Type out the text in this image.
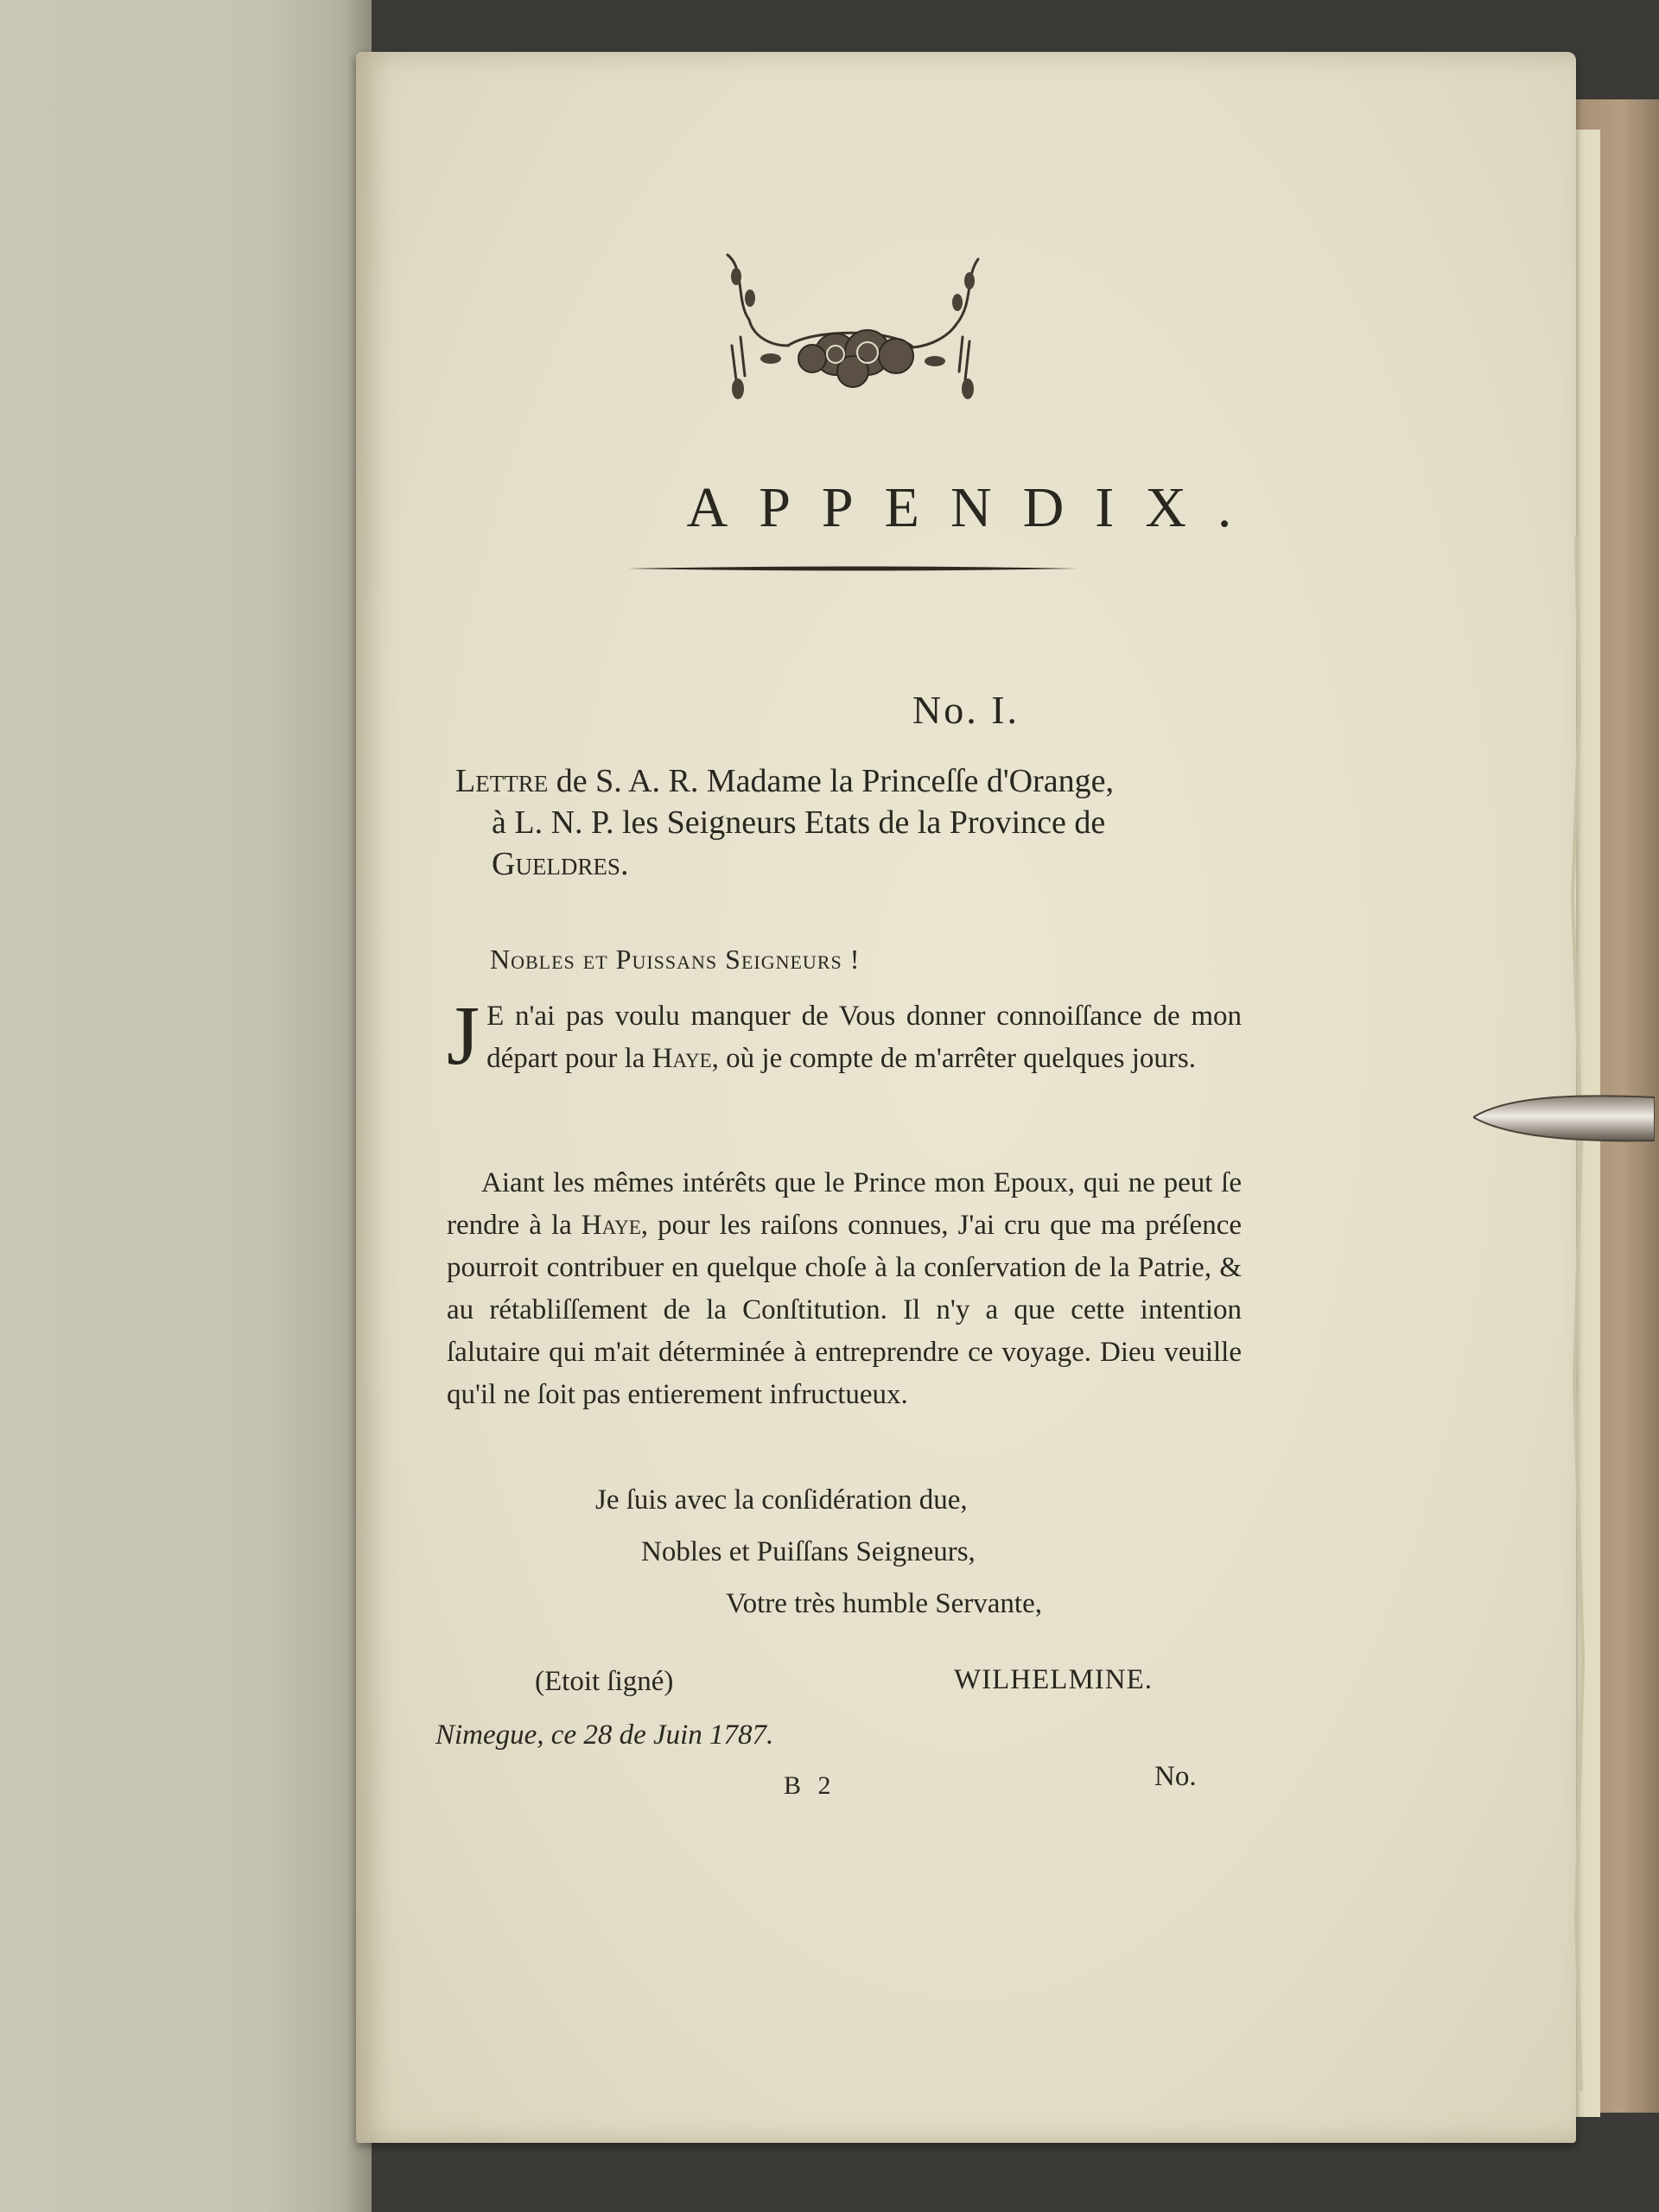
APPENDIX.
No. I.
Lettre de S. A. R. Madame la Princeſſe d'Orange,
à L. N. P. les Seigneurs Etats de la Province de
Gueldres.
Nobles et Puissans Seigneurs !
J E n'ai pas voulu manquer de Vous donner connoiſſance de mon départ pour la Haye, où je compte de m'arrêter quelques jours.
Aiant les mêmes intérêts que le Prince mon Epoux, qui ne peut ſe rendre à la Haye, pour les raiſons connues, J'ai cru que ma préſence pourroit contribuer en quelque choſe à la conſervation de la Patrie, & au rétabliſſement de la Conſtitution. Il n'y a que cette intention ſalutaire qui m'ait déterminée à entreprendre ce voyage. Dieu veuille qu'il ne ſoit pas entierement infructueux.
Je ſuis avec la conſidération due,
Nobles et Puiſſans Seigneurs,
Votre très humble Servante,
(Etoit ſigné)	WILHELMINE.
Nimegue, ce 28 de Juin 1787.
B 2	No.
